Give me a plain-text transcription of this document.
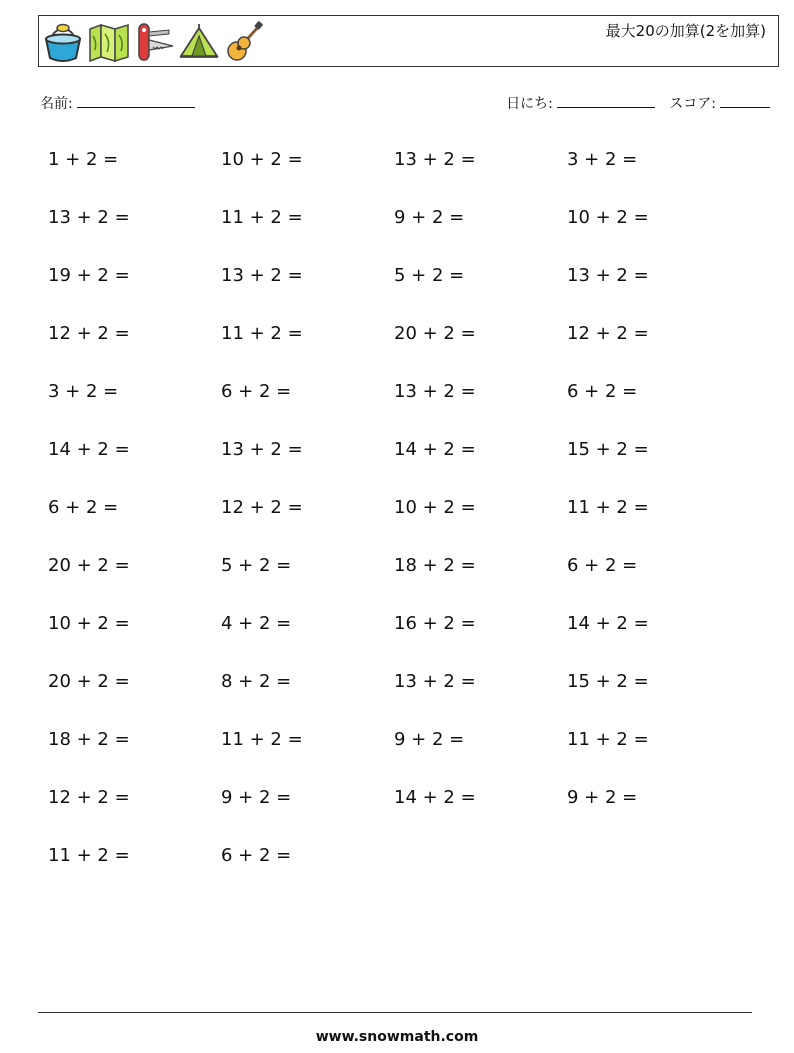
最大20の加算(2を加算)
名前:	日にち:	スコア:
1 + 2 =	10 + 2 =	13 + 2 =	3 + 2 =
13 + 2 =	11 + 2 =	9 + 2 =	10 + 2 =
19 + 2 =	13 + 2 =	5 + 2 =	13 + 2 =
12 + 2 =	11 + 2 =	20 + 2 =	12 + 2 =
3 + 2 =	6 + 2 =	13 + 2 =	6 + 2 =
14 + 2 =	13 + 2 =	14 + 2 =	15 + 2 =
6 + 2 =	12 + 2 =	10 + 2 =	11 + 2 =
20 + 2 =	5 + 2 =	18 + 2 =	6 + 2 =
10 + 2 =	4 + 2 =	16 + 2 =	14 + 2 =
20 + 2 =	8 + 2 =	13 + 2 =	15 + 2 =
18 + 2 =	11 + 2 =	9 + 2 =	11 + 2 =
12 + 2 =	9 + 2 =	14 + 2 =	9 + 2 =
11 + 2 =	6 + 2 =
www.snowmath.com
